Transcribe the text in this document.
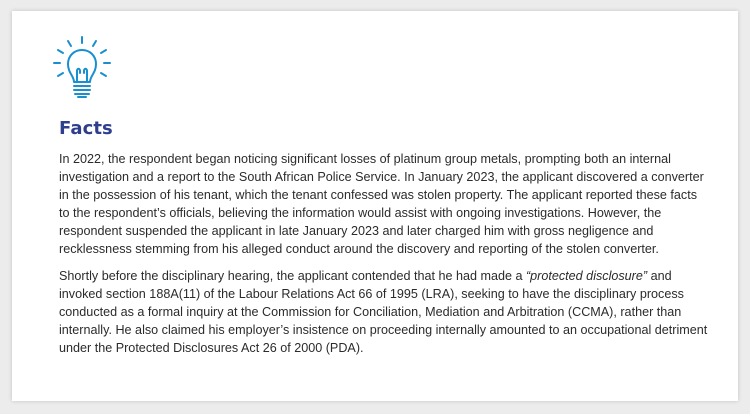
Facts

In 2022, the respondent began noticing significant losses of platinum group metals, prompting both an internal investigation and a report to the South African Police Service. In January 2023, the applicant discovered a converter in the possession of his tenant, which the tenant confessed was stolen property. The applicant reported these facts to the respondent’s officials, believing the information would assist with ongoing investigations. However, the respondent suspended the applicant in late January 2023 and later charged him with gross negligence and recklessness stemming from his alleged conduct around the discovery and reporting of the stolen converter.

Shortly before the disciplinary hearing, the applicant contended that he had made a “protected disclosure” and invoked section 188A(11) of the Labour Relations Act 66 of 1995 (LRA), seeking to have the disciplinary process conducted as a formal inquiry at the Commission for Conciliation, Mediation and Arbitration (CCMA), rather than internally. He also claimed his employer’s insistence on proceeding internally amounted to an occupational detriment under the Protected Disclosures Act 26 of 2000 (PDA).
